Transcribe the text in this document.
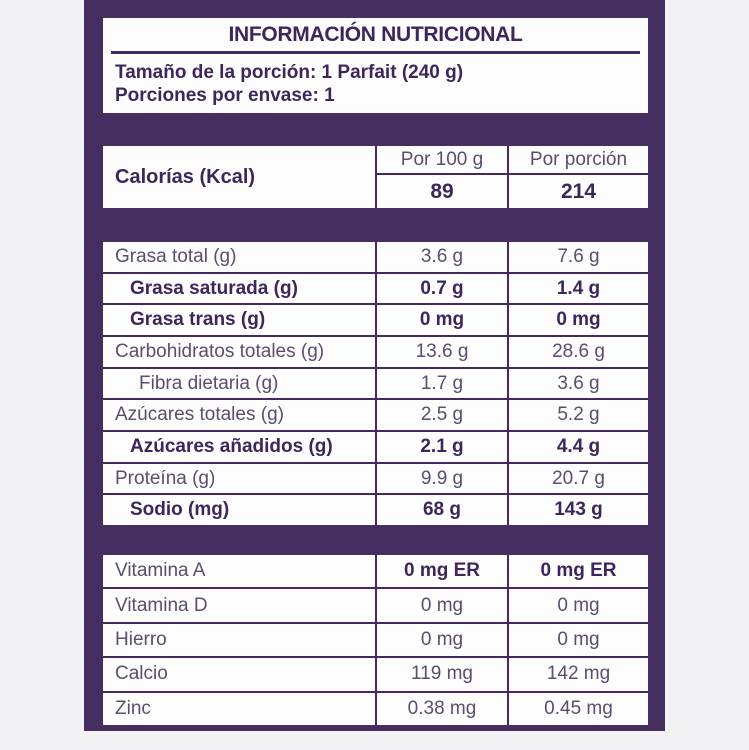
INFORMACIÓN NUTRICIONAL
Tamaño de la porción: 1 Parfait (240 g)
Porciones por envase: 1
Calorías (Kcal)
Por 100 g	Por porción
89	214
Grasa total (g)	3.6 g	7.6 g
Grasa saturada (g)	0.7 g	1.4 g
Grasa trans (g)	0 mg	0 mg
Carbohidratos totales (g)	13.6 g	28.6 g
Fibra dietaria (g)	1.7 g	3.6 g
Azúcares totales (g)	2.5 g	5.2 g
Azúcares añadidos (g)	2.1 g	4.4 g
Proteína (g)	9.9 g	20.7 g
Sodio (mg)	68 g	143 g
Vitamina A	0 mg ER	0 mg ER
Vitamina D	0 mg	0 mg
Hierro	0 mg	0 mg
Calcio	119 mg	142 mg
Zinc	0.38 mg	0.45 mg
